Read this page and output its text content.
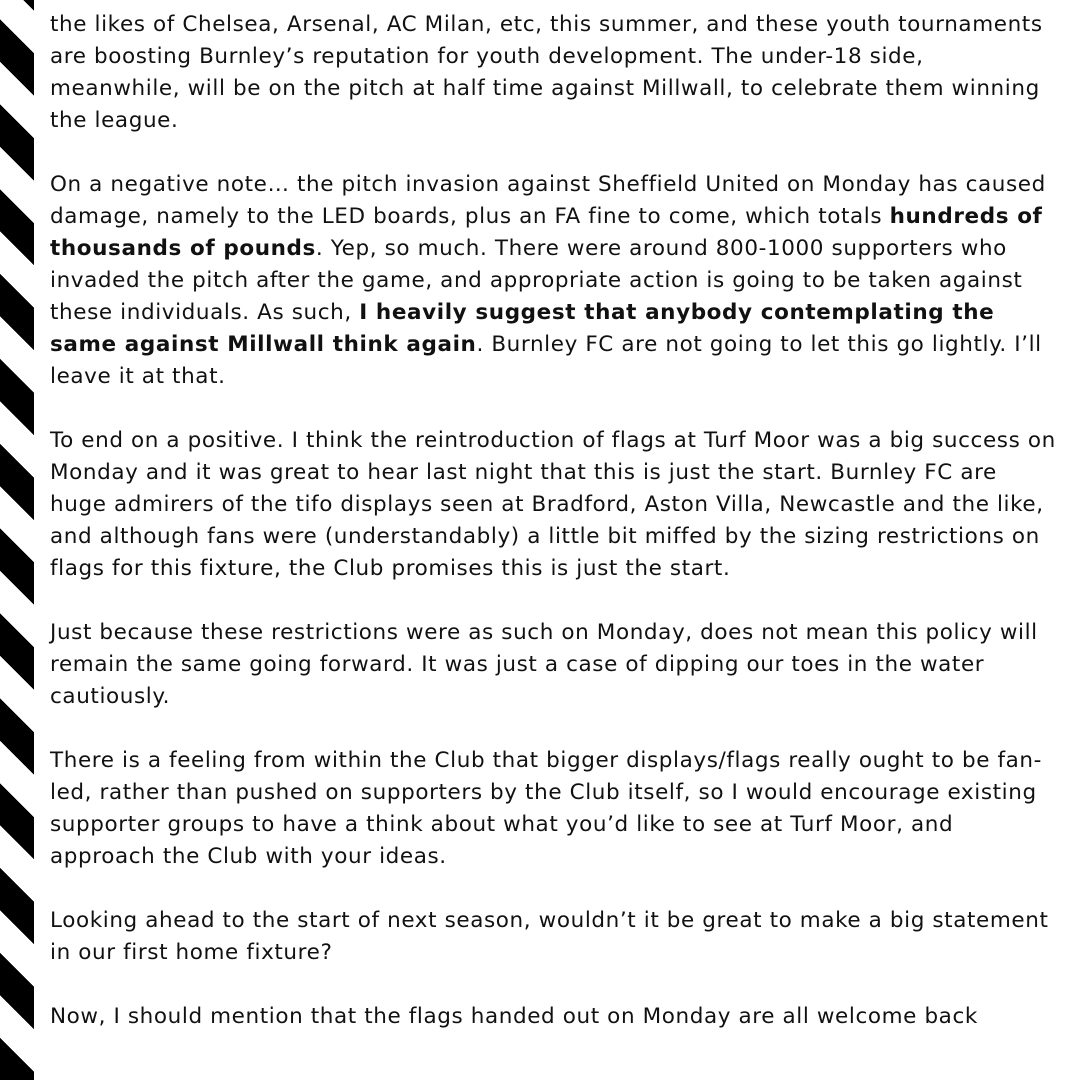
the likes of Chelsea, Arsenal, AC Milan, etc, this summer, and these youth tournaments are boosting Burnley’s reputation for youth development. The under-18 side, meanwhile, will be on the pitch at half time against Millwall, to celebrate them winning the league.

On a negative note… the pitch invasion against Sheffield United on Monday has caused damage, namely to the LED boards, plus an FA fine to come, which totals hundreds of thousands of pounds. Yep, so much. There were around 800-1000 supporters who invaded the pitch after the game, and appropriate action is going to be taken against these individuals. As such, I heavily suggest that anybody contemplating the same against Millwall think again. Burnley FC are not going to let this go lightly. I’ll leave it at that.

To end on a positive. I think the reintroduction of flags at Turf Moor was a big success on Monday and it was great to hear last night that this is just the start. Burnley FC are huge admirers of the tifo displays seen at Bradford, Aston Villa, Newcastle and the like, and although fans were (understandably) a little bit miffed by the sizing restrictions on flags for this fixture, the Club promises this is just the start.

Just because these restrictions were as such on Monday, does not mean this policy will remain the same going forward. It was just a case of dipping our toes in the water cautiously.

There is a feeling from within the Club that bigger displays/flags really ought to be fan-led, rather than pushed on supporters by the Club itself, so I would encourage existing supporter groups to have a think about what you’d like to see at Turf Moor, and approach the Club with your ideas.

Looking ahead to the start of next season, wouldn’t it be great to make a big statement in our first home fixture?

Now, I should mention that the flags handed out on Monday are all welcome back
